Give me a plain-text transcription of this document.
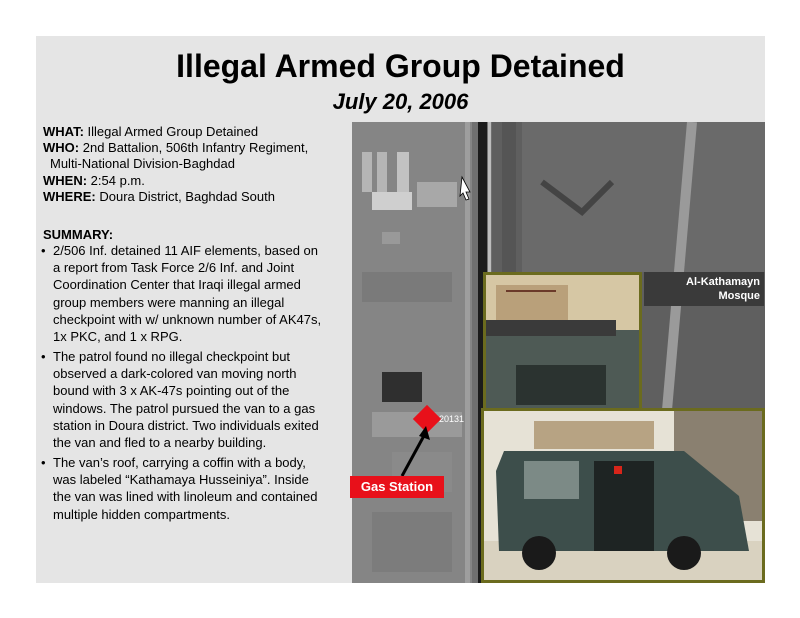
Illegal Armed Group Detained
July 20, 2006
WHAT: Illegal Armed Group Detained
WHO: 2nd Battalion, 506th Infantry Regiment,
Multi-National Division-Baghdad
WHEN: 2:54 p.m.
WHERE: Doura District, Baghdad South
SUMMARY:
• 2/506 Inf. detained 11 AIF elements, based on
a report from Task Force 2/6 Inf. and Joint
Coordination Center that Iraqi illegal armed
group members were manning an illegal
checkpoint with w/ unknown number of AK47s,
1x PKC, and 1 x RPG.
• The patrol found no illegal checkpoint but
observed a dark-colored van moving north
bound with 3 x AK-47s pointing out of the
windows. The patrol pursued the van to a gas
station in Doura district. Two individuals exited
the van and fled to a nearby building.
• The van’s roof, carrying a coffin with a body,
was labeled “Kathamaya Husseiniya”. Inside
the van was lined with linoleum and contained
multiple hidden compartments.
Al-Kathamayn
Mosque
20131
Gas Station
